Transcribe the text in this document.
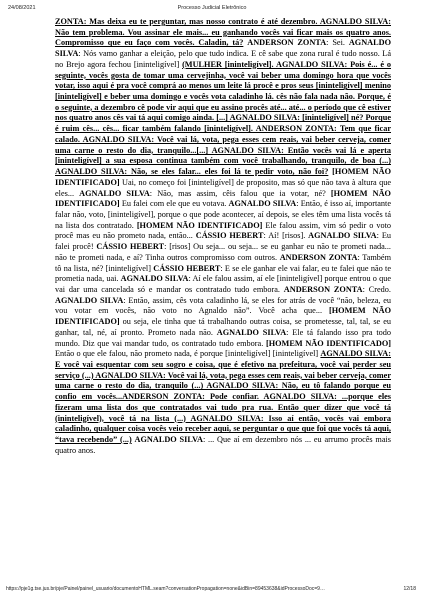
24/08/2021	Processo Judicial Eletrônico

ZONTA: Mas deixa eu te perguntar, mas nosso contrato é até dezembro. AGNALDO SILVA: Não tem problema. Vou assinar ele mais... eu ganhando vocês vai ficar mais os quatro anos. Compromisso que eu faço com vocês. Caladin, tá? ANDERSON ZONTA: Sei. AGNALDO SILVA: Nós vamo ganhar a eleição, pelo que tudo indica. E cê sabe que zona rural é tudo nosso. Lá no Brejo agora fechou [ininteligível] (MULHER [ininteligível]. AGNALDO SILVA: Pois é... é o seguinte, vocês gosta de tomar uma cervejinha, você vai beber uma domingo hora que vocês votar, isso aqui é pra você comprá ao menos um leite lá procê e pros seus [ininteligível] menino [ininteligível] e beber uma domingo e vocês vota caladinho lá. cês não fala nada não. Porque, é o seguinte, a dezembro cê pode vir aqui que eu assino procês até... até... o período que cê estiver nos quatro anos cês vai tá aqui comigo ainda. [...] AGNALDO SILVA: [ininteligível] né? Porque é ruim cês... cês... ficar também falando [ininteligível]. ANDERSON ZONTA: Tem que ficar calado. AGNALDO SILVA: Você vai lá, vota, pega esses cem reais, vai beber cerveja, comer uma carne o resto do dia, tranquilo...[...] AGNALDO SILVA: Então vocês vai lá e aperta [ininteligível] a sua esposa continua também com você trabalhando, tranquilo, de boa (...) AGNALDO SILVA: Não, se eles falar... eles foi lá te pedir voto, não foi? [HOMEM NÃO IDENTIFICADO] Uai, no começo foi [ininteligível] de proposito, mas só que não tava à altura que eles... AGNALDO SILVA: Não, mas assim, cêis falou que ia votar, né? [HOMEM NÃO IDENTIFICADO] Eu falei com ele que eu votava. AGNALDO SILVA: Então, é isso aí, importante falar não, voto, [ininteligível], porque o que pode acontecer, aí depois, se eles têm uma lista vocês tá na lista dos contratado. [HOMEM NÃO IDENTIFICADO] Ele falou assim, vim só pedir o voto procê mas eu não prometo nada, então... CÁSSIO HEBERT: Aí! [risos]. AGNALDO SILVA: Eu falei procê! CÁSSIO HEBERT: [risos] Ou seja... ou seja... se eu ganhar eu não te prometi nada... não te prometi nada, e aí? Tinha outros compromisso com outros. ANDERSON ZONTA: Também tô na lista, né? [ininteligível] CÁSSIO HEBERT: E se ele ganhar ele vai falar, eu te falei que não te prometia nada, uai. AGNALDO SILVA: Aí ele falou assim, aí ele [ininteligível] porque entrou o que vai dar uma cancelada só e mandar os contratado tudo embora. ANDERSON ZONTA: Credo. AGNALDO SILVA: Então, assim, cês vota caladinho lá, se eles for atrás de você “não, beleza, eu vou votar em vocês, não voto no Agnaldo não”. Você acha que... [HOMEM NÃO IDENTIFICADO] ou seja, ele tinha que tá trabalhando outras coisa, se prometesse, tal, tal, se eu ganhar, tal, né, aí pronto. Prometo nada não. AGNALDO SILVA: Ele tá falando isso pra todo mundo. Diz que vai mandar tudo, os contratado tudo embora. [HOMEM NÃO IDENTIFICADO] Então o que ele falou, não prometo nada, é porque [ininteligível] [ininteligível] AGNALDO SILVA: E você vai esquentar com seu sogro e coisa, que é efetivo na prefeitura, você vai perder seu serviço (...) AGNALDO SILVA: Você vai lá, vota, pega esses cem reais, vai beber cerveja, comer uma carne o resto do dia, tranquilo (...) AGNALDO SILVA: Não, eu tô falando porque eu confio em vocês...ANDERSON ZONTA: Pode confiar. AGNALDO SILVA: ...porque eles fizeram uma lista dos que contratados vai tudo pra rua. Então quer dizer que você tá (ininteligível), você tá na lista (...) AGNALDO SILVA: Isso aí então, vocês vai embora caladinho, qualquer coisa vocês veio receber aqui, se perguntar o que que foi que vocês tá aqui, “tava recebendo” (...) AGNALDO SILVA: ... Que aí em dezembro nós ... eu arrumo procês mais quatro anos.

https://pje1g.tse.jus.br/pje/Painel/painel_usuario/documentoHTML.seam?conversationPropagation=none&idBin=89453638&idProcessoDoc=9…	12/18
